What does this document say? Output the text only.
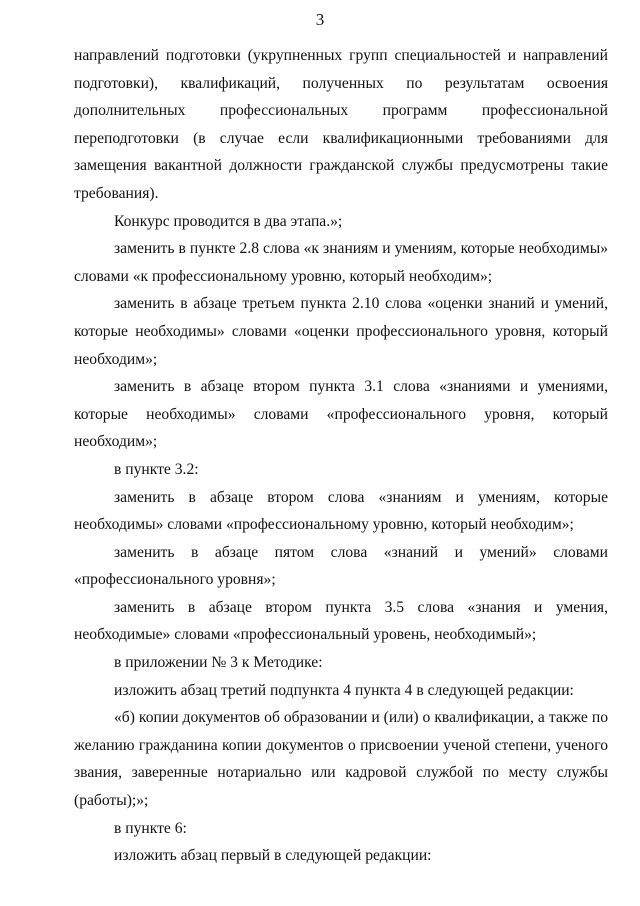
3
направлений подготовки (укрупненных групп специальностей и направлений
подготовки), квалификаций, полученных по результатам освоения
дополнительных профессиональных программ профессиональной
переподготовки (в случае если квалификационными требованиями для
замещения вакантной должности гражданской службы предусмотрены такие
требования).
Конкурс проводится в два этапа.»;
заменить в пункте 2.8 слова «к знаниям и умениям, которые необходимы»
словами «к профессиональному уровню, который необходим»;
заменить в абзаце третьем пункта 2.10 слова «оценки знаний и умений,
которые необходимы» словами «оценки профессионального уровня, который
необходим»;
заменить в абзаце втором пункта 3.1 слова «знаниями и умениями,
которые необходимы» словами «профессионального уровня, который
необходим»;
в пункте 3.2:
заменить в абзаце втором слова «знаниям и умениям, которые
необходимы» словами «профессиональному уровню, который необходим»;
заменить в абзаце пятом слова «знаний и умений» словами
«профессионального уровня»;
заменить в абзаце втором пункта 3.5 слова «знания и умения,
необходимые» словами «профессиональный уровень, необходимый»;
в приложении № 3 к Методике:
изложить абзац третий подпункта 4 пункта 4 в следующей редакции:
«б) копии документов об образовании и (или) о квалификации, а также по
желанию гражданина копии документов о присвоении ученой степени, ученого
звания, заверенные нотариально или кадровой службой по месту службы
(работы);»;
в пункте 6:
изложить абзац первый в следующей редакции:
